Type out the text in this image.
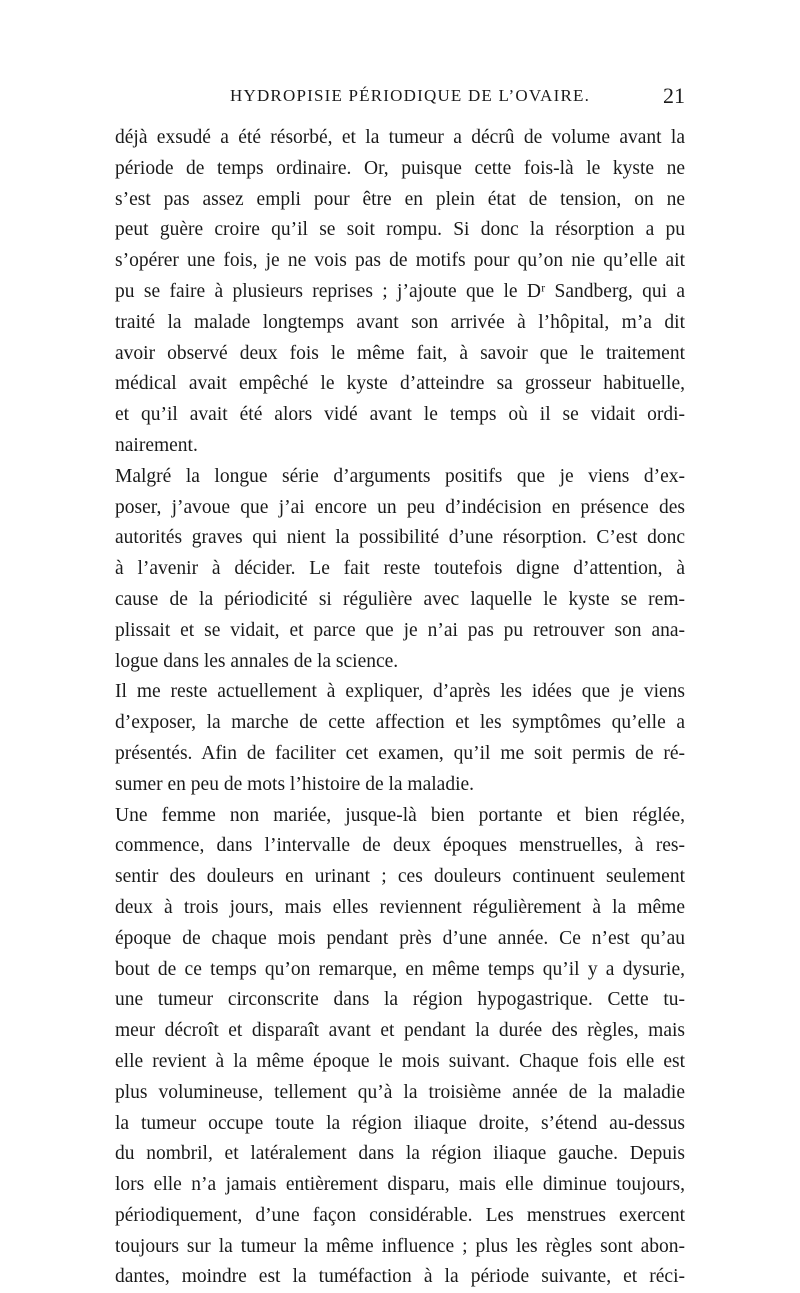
HYDROPISIE PÉRIODIQUE DE L’OVAIRE.	21
déjà exsudé a été résorbé, et la tumeur a décrû de volume avant la
période de temps ordinaire. Or, puisque cette fois-là le kyste ne
s’est pas assez empli pour être en plein état de tension, on ne
peut guère croire qu’il se soit rompu. Si donc la résorption a pu
s’opérer une fois, je ne vois pas de motifs pour qu’on nie qu’elle ait
pu se faire à plusieurs reprises ; j’ajoute que le Dʳ Sandberg, qui a
traité la malade longtemps avant son arrivée à l’hôpital, m’a dit
avoir observé deux fois le même fait, à savoir que le traitement
médical avait empêché le kyste d’atteindre sa grosseur habituelle,
et qu’il avait été alors vidé avant le temps où il se vidait ordi-
nairement.
Malgré la longue série d’arguments positifs que je viens d’ex-
poser, j’avoue que j’ai encore un peu d’indécision en présence des
autorités graves qui nient la possibilité d’une résorption. C’est donc
à l’avenir à décider. Le fait reste toutefois digne d’attention, à
cause de la périodicité si régulière avec laquelle le kyste se rem-
plissait et se vidait, et parce que je n’ai pas pu retrouver son ana-
logue dans les annales de la science.
Il me reste actuellement à expliquer, d’après les idées que je viens
d’exposer, la marche de cette affection et les symptômes qu’elle a
présentés. Afin de faciliter cet examen, qu’il me soit permis de ré-
sumer en peu de mots l’histoire de la maladie.
Une femme non mariée, jusque-là bien portante et bien réglée,
commence, dans l’intervalle de deux époques menstruelles, à res-
sentir des douleurs en urinant ; ces douleurs continuent seulement
deux à trois jours, mais elles reviennent régulièrement à la même
époque de chaque mois pendant près d’une année. Ce n’est qu’au
bout de ce temps qu’on remarque, en même temps qu’il y a dysurie,
une tumeur circonscrite dans la région hypogastrique. Cette tu-
meur décroît et disparaît avant et pendant la durée des règles, mais
elle revient à la même époque le mois suivant. Chaque fois elle est
plus volumineuse, tellement qu’à la troisième année de la maladie
la tumeur occupe toute la région iliaque droite, s’étend au-dessus
du nombril, et latéralement dans la région iliaque gauche. Depuis
lors elle n’a jamais entièrement disparu, mais elle diminue toujours,
périodiquement, d’une façon considérable. Les menstrues exercent
toujours sur la tumeur la même influence ; plus les règles sont abon-
dantes, moindre est la tuméfaction à la période suivante, et réci-
